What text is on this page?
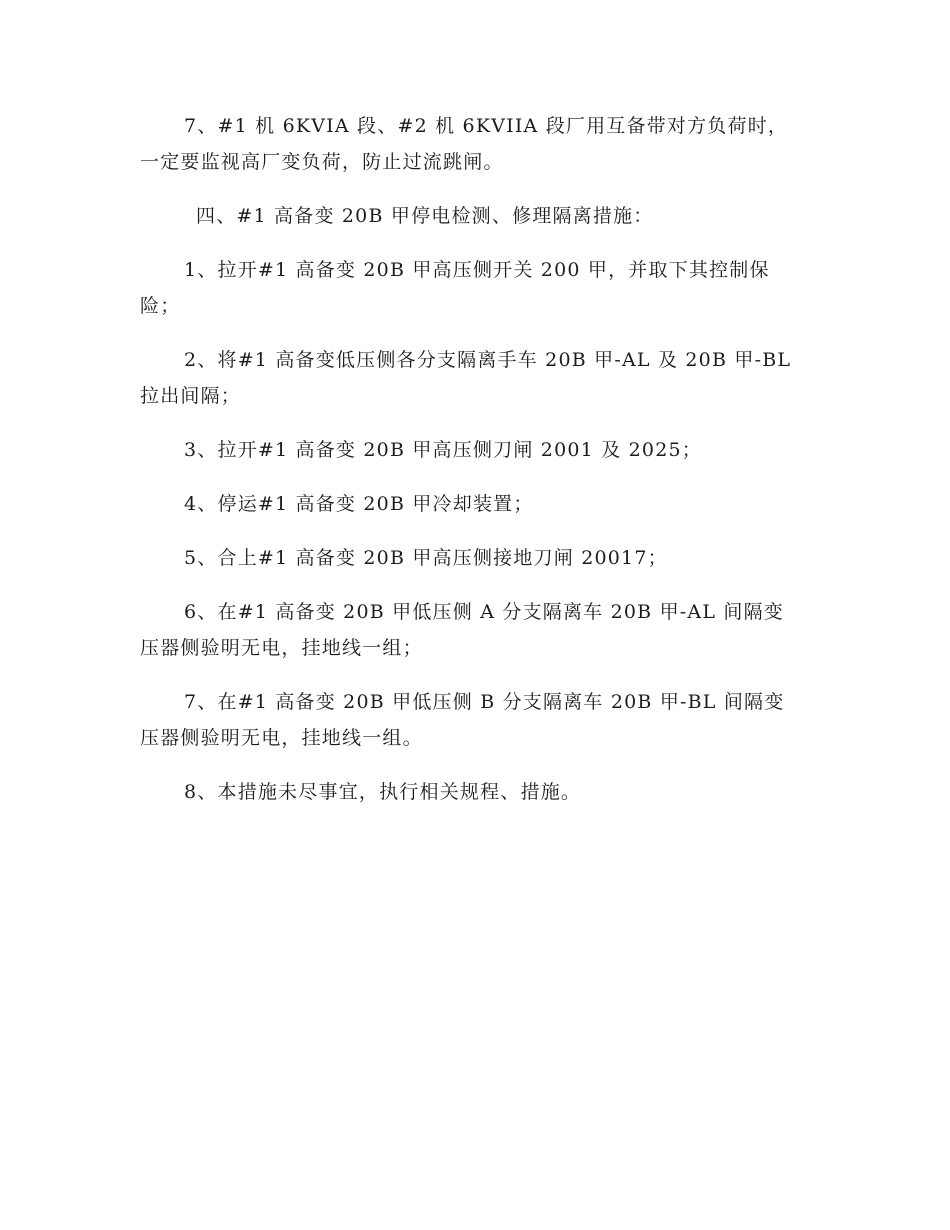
7、#1 机 6KVIA 段、#2 机 6KVIIA 段厂用互备带对方负荷时，一定要监视高厂变负荷，防止过流跳闸。

四、#1 高备变 20B 甲停电检测、修理隔离措施：

1、拉开#1 高备变 20B 甲高压侧开关 200 甲，并取下其控制保险；

2、将#1 高备变低压侧各分支隔离手车 20B 甲-AL 及 20B 甲-BL 拉出间隔；

3、拉开#1 高备变 20B 甲高压侧刀闸 2001 及 2025；

4、停运#1 高备变 20B 甲冷却装置；

5、合上#1 高备变 20B 甲高压侧接地刀闸 20017；

6、在#1 高备变 20B 甲低压侧 A 分支隔离车 20B 甲-AL 间隔变压器侧验明无电，挂地线一组；

7、在#1 高备变 20B 甲低压侧 B 分支隔离车 20B 甲-BL 间隔变压器侧验明无电，挂地线一组。

8、本措施未尽事宜，执行相关规程、措施。
